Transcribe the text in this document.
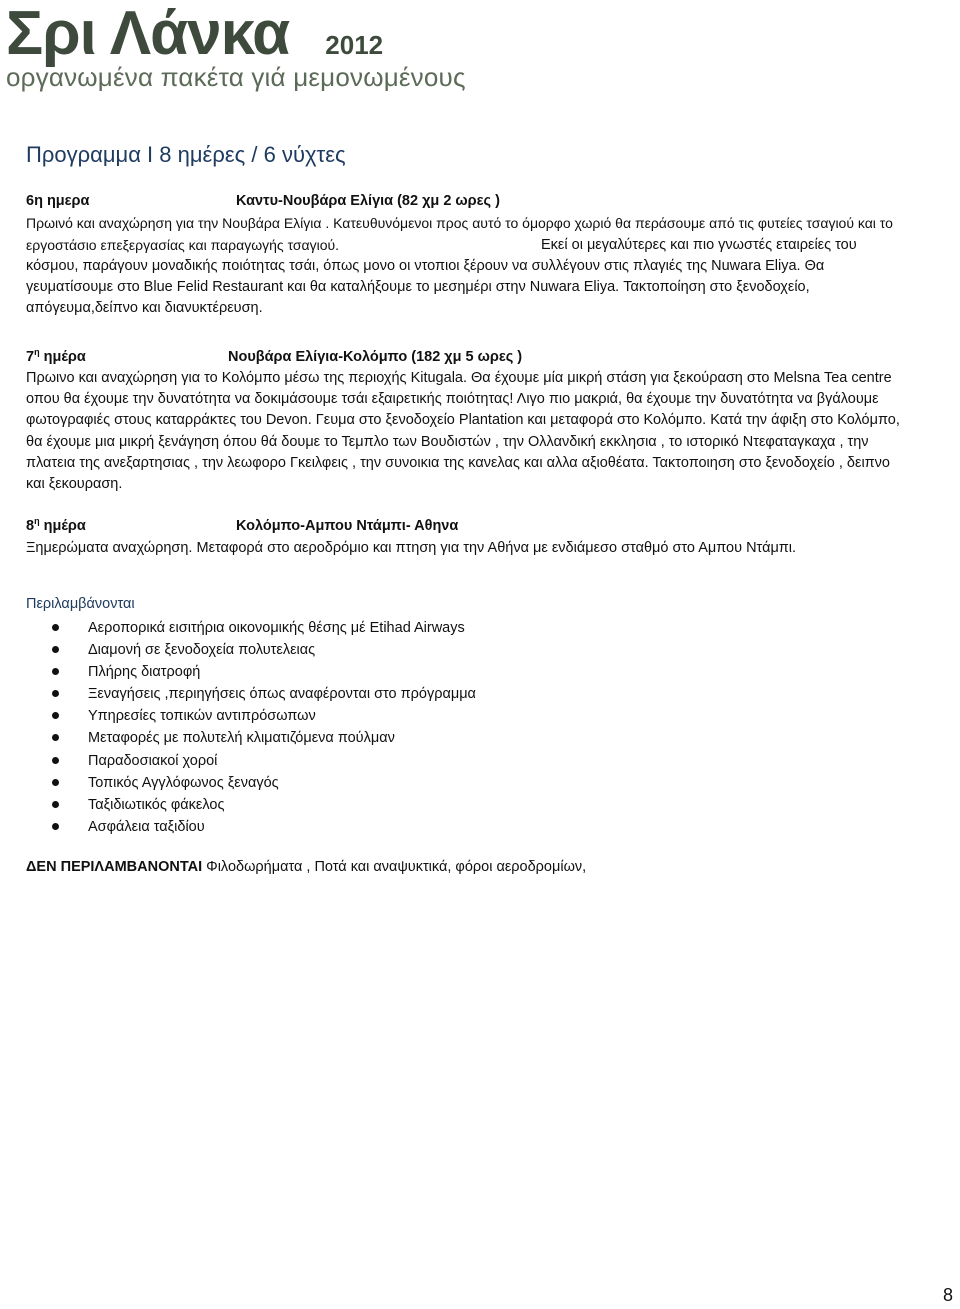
Σρι Λάνκα 2012
οργανωμένα πακέτα γιά μεμονωμένους
Προγραμμα Ι 8 ημέρες / 6 νύχτες
6η ημερα	Καντυ-Νουβάρα Ελίγια (82 χμ 2 ωρες )

Πρωινό και αναχώρηση για την Νουβάρα Ελίγια . Κατευθυνόμενοι προς αυτό το όμορφο χωριό θα περάσουμε από τις φυτείες τσαγιού και το εργοστάσιο επεξεργασίας και παραγωγής τσαγιού.	Εκεί οι μεγαλύτερες και πιο γνωστές εταιρείες του κόσμου, παράγουν μοναδικής ποιότητας τσάι, όπως μονο οι ντοπιοι ξέρουν να συλλέγουν στις πλαγιές της Nuwara Eliya. Θα γευματίσουμε στο Blue Felid Restaurant και θα καταλήξουμε το μεσημέρι στην Nuwara Eliya. Τακτοποίηση στο ξενοδοχείο, απόγευμα,δείπνο και διανυκτέρευση.

$7^\eta$ ημέρα	Νουβάρα Ελίγια-Κολόμπο (182 χμ 5 ωρες )

Πρωινο και αναχώρηση για το Κολόμπο μέσω της περιοχής Kitugala. Θα έχουμε μία μικρή στάση για ξεκούραση στο Melsna Tea centre οπου θα έχουμε την δυνατότητα να δοκιμάσουμε τσάι εξαιρετικής ποιότητας! Λιγο πιο μακριά, θα έχουμε την δυνατότητα να βγάλουμε φωτογραφιές στους καταρράκτες του Devon. Γευμα στο ξενοδοχείο Plantation και μεταφορά στο Κολόμπο. Κατά την άφιξη στο Κολόμπο, θα έχουμε μια μικρή ξενάγηση όπου θά δουμε το Τεμπλο των Βουδιστών , την Ολλανδική εκκλησια , το ιστορικό Ντεφαταγκαχα , την πλατεια της ανεξαρτησιας , την λεωφορο Γκειλφεις , την συνοικια της κανελας και αλλα αξιοθέατα. Τακτοποιηση στο ξενοδοχείο , δειπνο και ξεκουραση.

$8^\eta$ ημέρα	Κολόμπο-Αμπου Ντάμπι- Αθηνα

Ξημερώματα αναχώρηση. Μεταφορά στο αεροδρόμιο και πτηση για την Αθήνα με ενδιάμεσο σταθμό στο Αμπου Ντάμπι.

Περιλαμβάνονται
Αεροπορικά εισιτήρια οικονομικής θέσης μέ Etihad Airways
Διαμονή σε ξενοδοχεία πολυτελειας
Πλήρης διατροφή
Ξεναγήσεις ,περιηγήσεις όπως αναφέρονται στο πρόγραμμα
Υπηρεσίες τοπικών αντιπρόσωπων
Μεταφορές με πολυτελή κλιματιζόμενα πούλμαν
Παραδοσιακοί χοροί
Τοπικός Αγγλόφωνος ξεναγός
Ταξιδιωτικός φάκελος
Ασφάλεια ταξιδίου
ΔΕΝ ΠΕΡΙΛΑΜΒΑΝΟΝΤΑΙ Φιλοδωρήματα , Ποτά και αναψυκτικά, φόροι αεροδρομίων,
8
